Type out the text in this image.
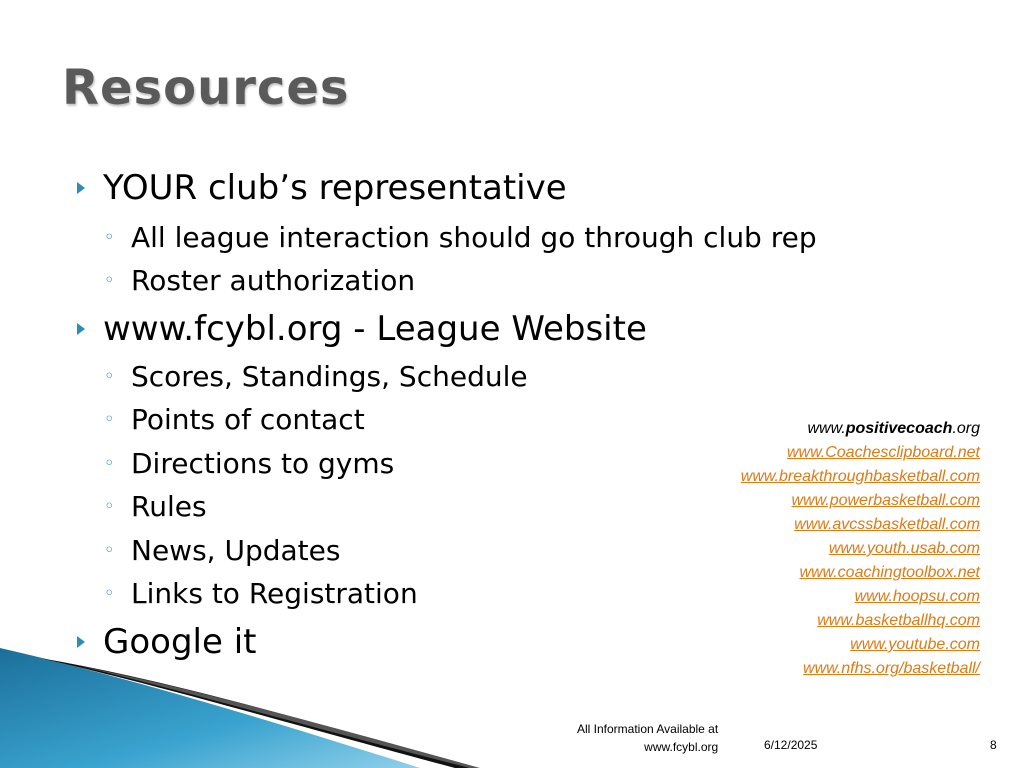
Resources
YOUR club’s representative
◦ All league interaction should go through club rep
◦ Roster authorization
www.fcybl.org - League Website
◦ Scores, Standings, Schedule
◦ Points of contact
◦ Directions to gyms
◦ Rules
◦ News, Updates
◦ Links to Registration
Google it
www.positivecoach.org
www.Coachesclipboard.net
www.breakthroughbasketball.com
www.powerbasketball.com
www.avcssbasketball.com
www.youth.usab.com
www.coachingtoolbox.net
www.hoopsu.com
www.basketballhq.com
www.youtube.com
www.nfhs.org/basketball/
All Information Available at
www.fcybl.org	6/12/2025	8
